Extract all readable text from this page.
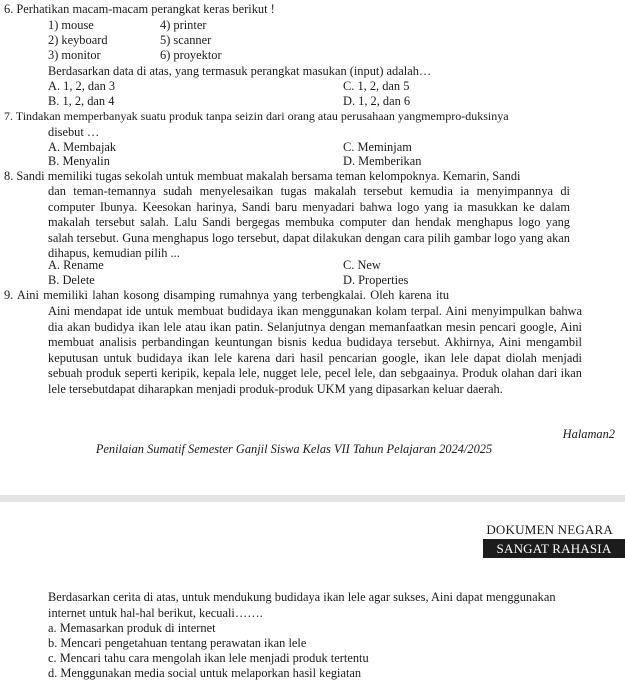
6. Perhatikan macam-macam perangkat keras berikut !
1) mouse	4) printer
2) keyboard	5) scanner
3) monitor	6) proyektor
Berdasarkan data di atas, yang termasuk perangkat masukan (input) adalah…
A. 1, 2, dan 3	C. 1, 2, dan 5
B. 1, 2, dan 4	D. 1, 2, dan 6
7. Tindakan memperbanyak suatu produk tanpa seizin dari orang atau perusahaan yangmempro-duksinya
disebut …
A. Membajak	C. Meminjam
B. Menyalin	D. Memberikan
8. Sandi memiliki tugas sekolah untuk membuat makalah bersama teman kelompoknya. Kemarin, Sandi
dan teman-temannya sudah menyelesaikan tugas makalah tersebut kemudia ia menyimpannya di computer Ibunya. Keesokan harinya, Sandi baru menyadari bahwa logo yang ia masukkan ke dalam makalah tersebut salah. Lalu Sandi bergegas membuka computer dan hendak menghapus logo yang salah tersebut. Guna menghapus logo tersebut, dapat dilakukan dengan cara pilih gambar logo yang akan dihapus, kemudian pilih ...
A. Rename	C. New
B. Delete	D. Properties
9. Aini memiliki lahan kosong disamping rumahnya yang terbengkalai. Oleh karena itu
Aini mendapat ide untuk membuat budidaya ikan menggunakan kolam terpal. Aini menyimpulkan bahwa dia akan budidya ikan lele atau ikan patin. Selanjutnya dengan memanfaatkan mesin pencari google, Aini membuat analisis perbandingan keuntungan bisnis kedua budidaya tersebut. Akhirnya, Aini mengambil keputusan untuk budidaya ikan lele karena dari hasil pencarian google, ikan lele dapat diolah menjadi sebuah produk seperti keripik, kepala lele, nugget lele, pecel lele, dan sebgaainya. Produk olahan dari ikan lele tersebutdapat diharapkan menjadi produk-produk UKM yang dipasarkan keluar daerah.
Halaman2
Penilaian Sumatif Semester Ganjil Siswa Kelas VII Tahun Pelajaran 2024/2025
DOKUMEN NEGARA
SANGAT RAHASIA
Berdasarkan cerita di atas, untuk mendukung budidaya ikan lele agar sukses, Aini dapat menggunakan internet untuk hal-hal berikut, kecuali…….
a. Memasarkan produk di internet
b. Mencari pengetahuan tentang perawatan ikan lele
c. Mencari tahu cara mengolah ikan lele menjadi produk tertentu
d. Menggunakan media social untuk melaporkan hasil kegiatan
